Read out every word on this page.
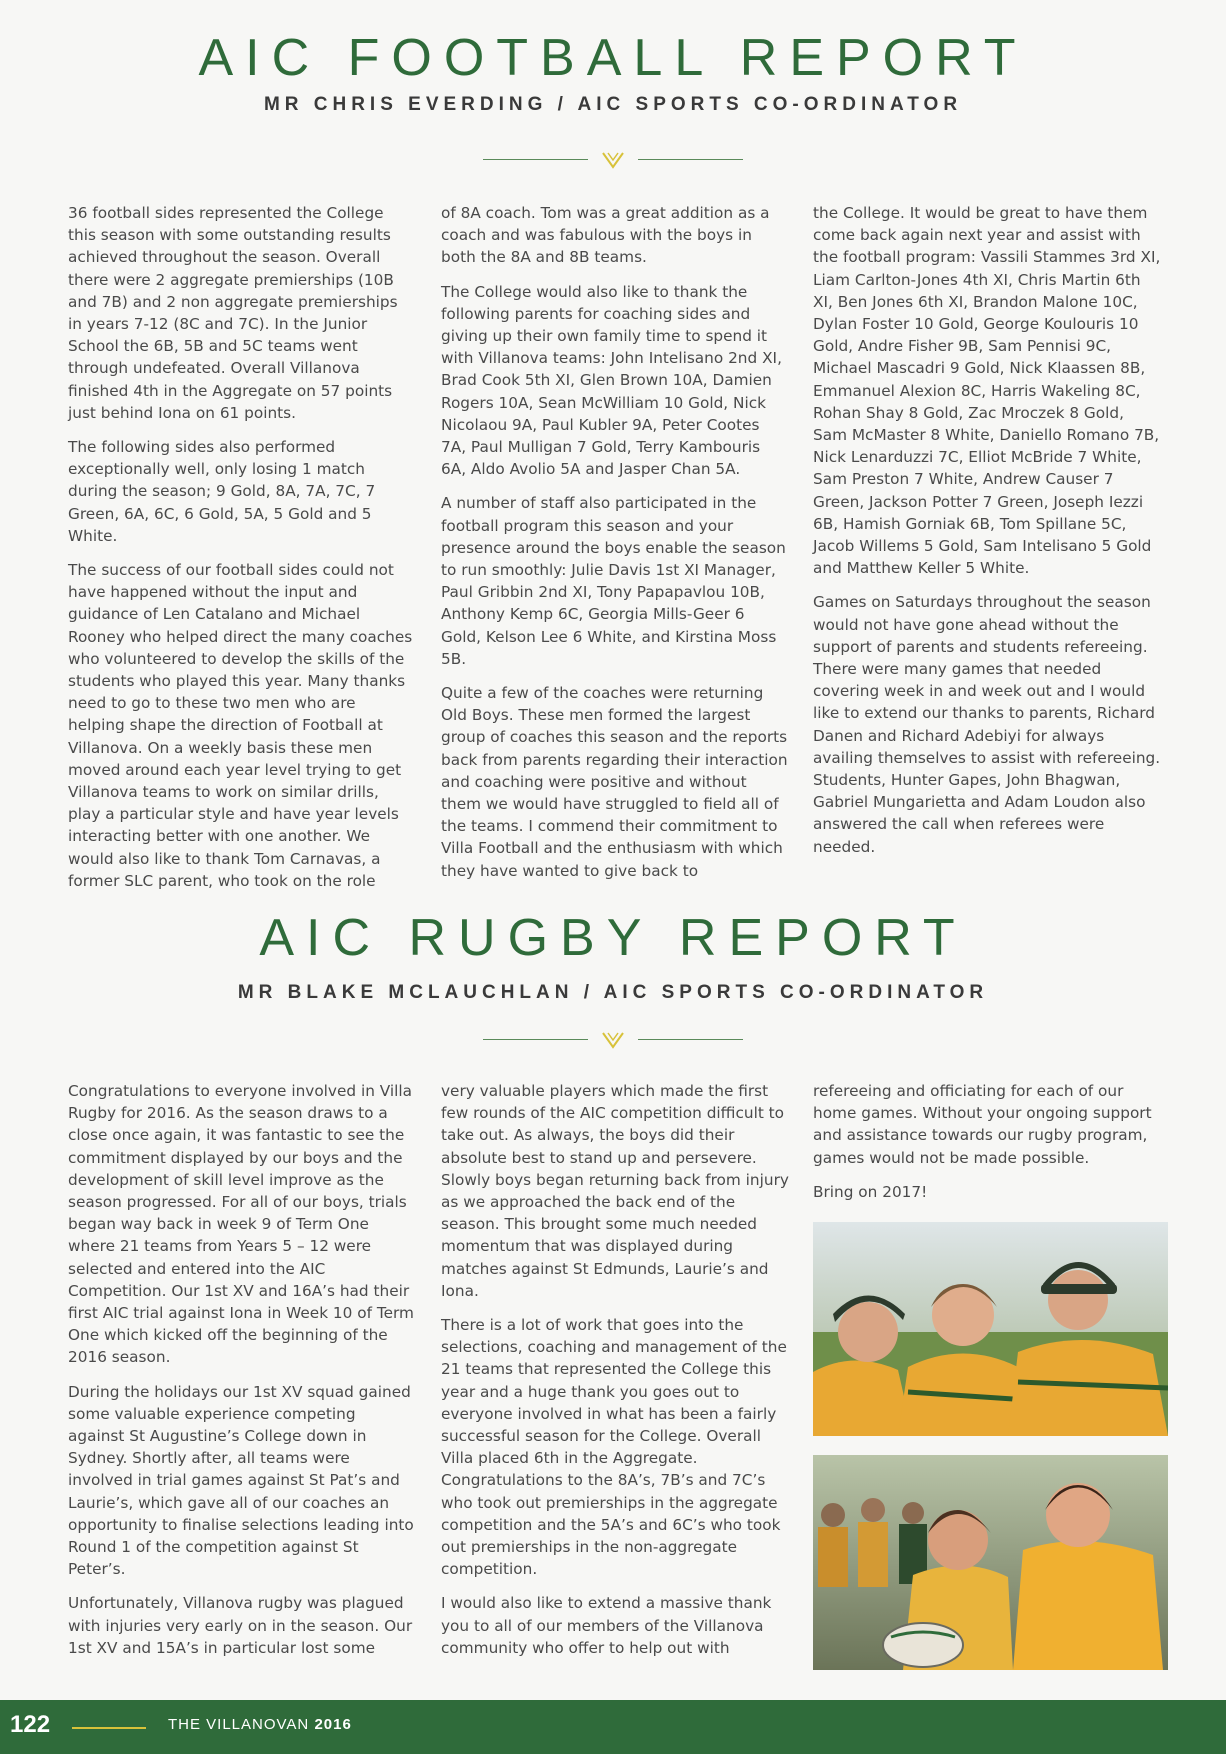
AIC FOOTBALL REPORT
MR CHRIS EVERDING / AIC SPORTS CO-ORDINATOR

36 football sides represented the College this season with some outstanding results achieved throughout the season. Overall there were 2 aggregate premierships (10B and 7B) and 2 non aggregate premierships in years 7-12 (8C and 7C). In the Junior School the 6B, 5B and 5C teams went through undefeated. Overall Villanova finished 4th in the Aggregate on 57 points just behind Iona on 61 points.

The following sides also performed exceptionally well, only losing 1 match during the season; 9 Gold, 8A, 7A, 7C, 7 Green, 6A, 6C, 6 Gold, 5A, 5 Gold and 5 White.

The success of our football sides could not have happened without the input and guidance of Len Catalano and Michael Rooney who helped direct the many coaches who volunteered to develop the skills of the students who played this year. Many thanks need to go to these two men who are helping shape the direction of Football at Villanova. On a weekly basis these men moved around each year level trying to get Villanova teams to work on similar drills, play a particular style and have year levels interacting better with one another. We would also like to thank Tom Carnavas, a former SLC parent, who took on the role

of 8A coach. Tom was a great addition as a coach and was fabulous with the boys in both the 8A and 8B teams.

The College would also like to thank the following parents for coaching sides and giving up their own family time to spend it with Villanova teams: John Intelisano 2nd XI, Brad Cook 5th XI, Glen Brown 10A, Damien Rogers 10A, Sean McWilliam 10 Gold, Nick Nicolaou 9A, Paul Kubler 9A, Peter Cootes 7A, Paul Mulligan 7 Gold, Terry Kambouris 6A, Aldo Avolio 5A and Jasper Chan 5A.

A number of staff also participated in the football program this season and your presence around the boys enable the season to run smoothly: Julie Davis 1st XI Manager, Paul Gribbin 2nd XI, Tony Papapavlou 10B, Anthony Kemp 6C, Georgia Mills-Geer 6 Gold, Kelson Lee 6 White, and Kirstina Moss 5B.

Quite a few of the coaches were returning Old Boys. These men formed the largest group of coaches this season and the reports back from parents regarding their interaction and coaching were positive and without them we would have struggled to field all of the teams. I commend their commitment to Villa Football and the enthusiasm with which they have wanted to give back to

the College. It would be great to have them come back again next year and assist with the football program: Vassili Stammes 3rd XI, Liam Carlton-Jones 4th XI, Chris Martin 6th XI, Ben Jones 6th XI, Brandon Malone 10C, Dylan Foster 10 Gold, George Koulouris 10 Gold, Andre Fisher 9B, Sam Pennisi 9C, Michael Mascadri 9 Gold, Nick Klaassen 8B, Emmanuel Alexion 8C, Harris Wakeling 8C, Rohan Shay 8 Gold, Zac Mroczek 8 Gold, Sam McMaster 8 White, Daniello Romano 7B, Nick Lenarduzzi 7C, Elliot McBride 7 White, Sam Preston 7 White, Andrew Causer 7 Green, Jackson Potter 7 Green, Joseph Iezzi 6B, Hamish Gorniak 6B, Tom Spillane 5C, Jacob Willems 5 Gold, Sam Intelisano 5 Gold and Matthew Keller 5 White.

Games on Saturdays throughout the season would not have gone ahead without the support of parents and students refereeing. There were many games that needed covering week in and week out and I would like to extend our thanks to parents, Richard Danen and Richard Adebiyi for always availing themselves to assist with refereeing. Students, Hunter Gapes, John Bhagwan, Gabriel Mungarietta and Adam Loudon also answered the call when referees were needed.

AIC RUGBY REPORT
MR BLAKE MCLAUCHLAN / AIC SPORTS CO-ORDINATOR

Congratulations to everyone involved in Villa Rugby for 2016. As the season draws to a close once again, it was fantastic to see the commitment displayed by our boys and the development of skill level improve as the season progressed. For all of our boys, trials began way back in week 9 of Term One where 21 teams from Years 5 – 12 were selected and entered into the AIC Competition. Our 1st XV and 16A’s had their first AIC trial against Iona in Week 10 of Term One which kicked off the beginning of the 2016 season.

During the holidays our 1st XV squad gained some valuable experience competing against St Augustine’s College down in Sydney. Shortly after, all teams were involved in trial games against St Pat’s and Laurie’s, which gave all of our coaches an opportunity to finalise selections leading into Round 1 of the competition against St Peter’s.

Unfortunately, Villanova rugby was plagued with injuries very early on in the season. Our 1st XV and 15A’s in particular lost some

very valuable players which made the first few rounds of the AIC competition difficult to take out. As always, the boys did their absolute best to stand up and persevere. Slowly boys began returning back from injury as we approached the back end of the season. This brought some much needed momentum that was displayed during matches against St Edmunds, Laurie’s and Iona.

There is a lot of work that goes into the selections, coaching and management of the 21 teams that represented the College this year and a huge thank you goes out to everyone involved in what has been a fairly successful season for the College. Overall Villa placed 6th in the Aggregate. Congratulations to the 8A’s, 7B’s and 7C’s who took out premierships in the aggregate competition and the 5A’s and 6C’s who took out premierships in the non-aggregate competition.

I would also like to extend a massive thank you to all of our members of the Villanova community who offer to help out with

refereeing and officiating for each of our home games. Without your ongoing support and assistance towards our rugby program, games would not be made possible.

Bring on 2017!

122	THE VILLANOVAN 2016
